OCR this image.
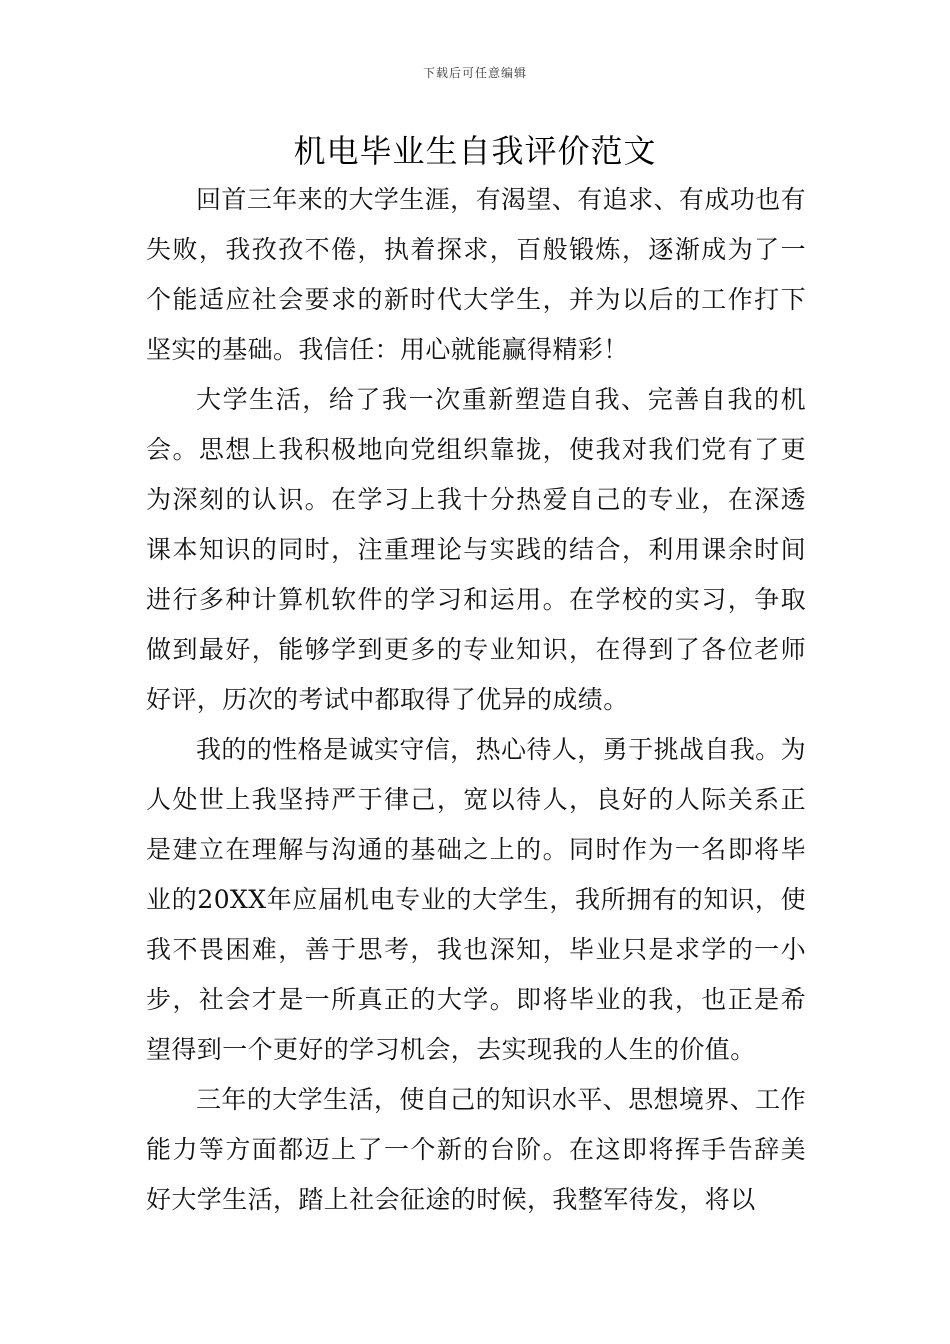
下载后可任意编辑
机电毕业生自我评价范文

回首三年来的大学生涯，有渴望、有追求、有成功也有失败，我孜孜不倦，执着探求，百般锻炼，逐渐成为了一个能适应社会要求的新时代大学生，并为以后的工作打下坚实的基础。我信任：用心就能赢得精彩！

大学生活，给了我一次重新塑造自我、完善自我的机会。思想上我积极地向党组织靠拢，使我对我们党有了更为深刻的认识。在学习上我十分热爱自己的专业，在深透课本知识的同时，注重理论与实践的结合，利用课余时间进行多种计算机软件的学习和运用。在学校的实习，争取做到最好，能够学到更多的专业知识，在得到了各位老师好评，历次的考试中都取得了优异的成绩。

我的的性格是诚实守信，热心待人，勇于挑战自我。为人处世上我坚持严于律己，宽以待人，良好的人际关系正是建立在理解与沟通的基础之上的。同时作为一名即将毕业的20XX年应届机电专业的大学生，我所拥有的知识，使我不畏困难，善于思考，我也深知，毕业只是求学的一小步，社会才是一所真正的大学。即将毕业的我，也正是希望得到一个更好的学习机会，去实现我的人生的价值。

三年的大学生活，使自己的知识水平、思想境界、工作能力等方面都迈上了一个新的台阶。在这即将挥手告辞美好大学生活，踏上社会征途的时候，我整军待发，将以
